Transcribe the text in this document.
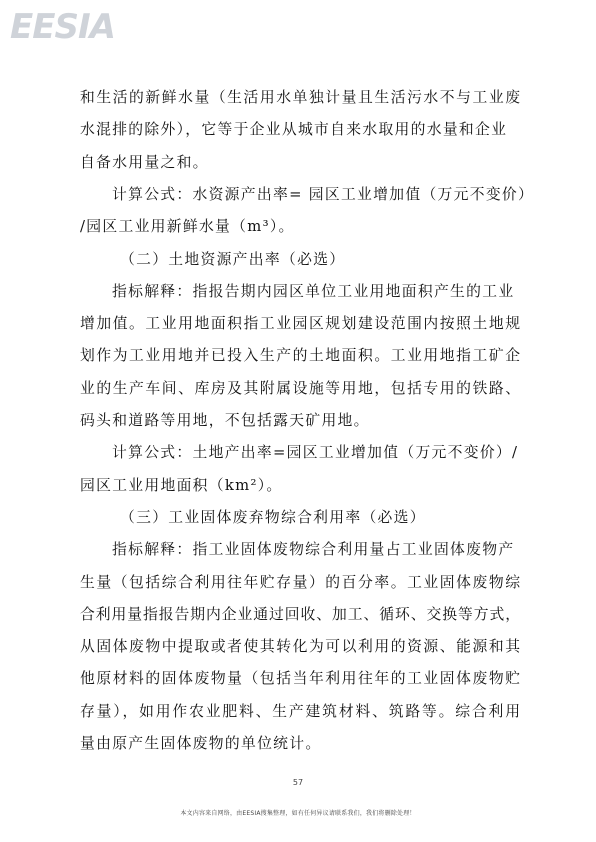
EESIA
和生活的新鲜水量（生活用水单独计量且生活污水不与工业废
水混排的除外），它等于企业从城市自来水取用的水量和企业
自备水用量之和。
计算公式：水资源产出率= 园区工业增加值（万元不变价）
/园区工业用新鲜水量（m³）。
（二）土地资源产出率（必选）
指标解释：指报告期内园区单位工业用地面积产生的工业
增加值。工业用地面积指工业园区规划建设范围内按照土地规
划作为工业用地并已投入生产的土地面积。工业用地指工矿企
业的生产车间、库房及其附属设施等用地，包括专用的铁路、
码头和道路等用地，不包括露天矿用地。
计算公式：土地产出率=园区工业增加值（万元不变价）/
园区工业用地面积（km²）。
（三）工业固体废弃物综合利用率（必选）
指标解释：指工业固体废物综合利用量占工业固体废物产
生量（包括综合利用往年贮存量）的百分率。工业固体废物综
合利用量指报告期内企业通过回收、加工、循环、交换等方式，
从固体废物中提取或者使其转化为可以利用的资源、能源和其
他原材料的固体废物量（包括当年利用往年的工业固体废物贮
存量），如用作农业肥料、生产建筑材料、筑路等。综合利用
量由原产生固体废物的单位统计。
57
本文内容来自网络，由EESIA搜集整理，如有任何异议请联系我们，我们将删除处理！
